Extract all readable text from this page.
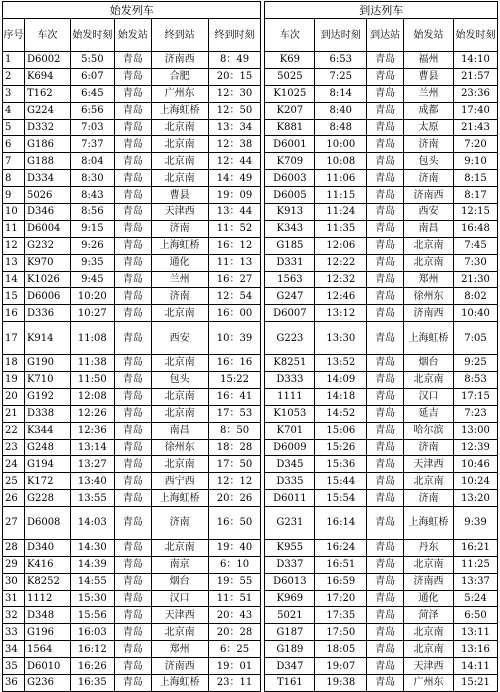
始发列车							到达列车				
序号	车次	始发时刻	始发站	终到站	终到时刻		车次	到达时刻	到达站	始发站	始发时刻
1	D6002	5:50	青岛	济南西	8：49		K69	6:53	青岛	福州	14:10
2	K694	6:07	青岛	合肥	20：15		5025	7:25	青岛	曹县	21:57
3	T162	6:45	青岛	广州东	12：30		K1025	8:14	青岛	兰州	23:36
4	G224	6:56	青岛	上海虹桥	12：50		K207	8:40	青岛	成都	17:40
5	D332	7:03	青岛	北京南	13：34		K881	8:48	青岛	太原	21:43
6	G186	7:37	青岛	北京南	12：38		D6001	10:00	青岛	济南	7:20
7	G188	8:04	青岛	北京南	12：44		K709	10:08	青岛	包头	9:10
8	D334	8:30	青岛	北京南	14：49		D6003	11:06	青岛	济南	8:15
9	5026	8:43	青岛	曹县	19：09		D6005	11:15	青岛	济南西	8:17
10	D346	8:56	青岛	天津西	13：44		K913	11:24	青岛	西安	12:15
11	D6004	9:15	青岛	济南	11：52		K343	11:35	青岛	南昌	16:48
12	G232	9:26	青岛	上海虹桥	16：12		G185	12:06	青岛	北京南	7:45
13	K970	9:35	青岛	通化	11：13		D331	12:22	青岛	北京南	7:30
14	K1026	9:45	青岛	兰州	16：27		1563	12:32	青岛	郑州	21:30
15	D6006	10:20	青岛	济南	12：54		G247	12:46	青岛	徐州东	8:02
16	D336	10:27	青岛	北京南	16：00		D6007	13:12	青岛	济南西	10:40
17	K914	11:08	青岛	西安	10：39		G223	13:30	青岛	上海虹桥	7:05
18	G190	11:38	青岛	北京南	16：16		K8251	13:52	青岛	烟台	9:25
19	K710	11:50	青岛	包头	15:22		D333	14:09	青岛	北京南	8:53
20	G192	12:08	青岛	北京南	16：41		1111	14:18	青岛	汉口	17:15
21	D338	12:26	青岛	北京南	17：53		K1053	14:52	青岛	延吉	7:23
22	K344	12:36	青岛	南昌	8：50		K701	15:06	青岛	哈尔滨	13:00
23	G248	13:14	青岛	徐州东	18：28		D6009	15:26	青岛	济南	12:39
24	G194	13:27	青岛	北京南	17：50		D345	15:36	青岛	天津西	10:46
25	K172	13:40	青岛	西宁西	12：12		D335	15:44	青岛	北京南	10:24
26	G228	13:55	青岛	上海虹桥	20：26		D6011	15:54	青岛	济南	13:20
27	D6008	14:03	青岛	济南	16：50		G231	16:14	青岛	上海虹桥	9:39
28	D340	14:30	青岛	北京南	19：40		K955	16:24	青岛	丹东	16:21
29	K416	14:39	青岛	南京	6：10		D337	16:51	青岛	北京南	11:25
30	K8252	14:55	青岛	烟台	19：55		D6013	16:59	青岛	济南西	13:37
31	1112	15:30	青岛	汉口	11：51		K969	17:20	青岛	通化	5:24
32	D348	15:56	青岛	天津西	20：43		5021	17:35	青岛	菏泽	6:50
33	G196	16:03	青岛	北京南	20：28		G187	17:50	青岛	北京南	13:11
34	1564	16:12	青岛	郑州	6：25		G189	18:05	青岛	北京南	13:16
35	D6010	16:26	青岛	济南西	19：01		D347	19:07	青岛	天津西	14:11
36	G236	16:35	青岛	上海虹桥	23：11		T161	19:38	青岛	广州东	15:21
